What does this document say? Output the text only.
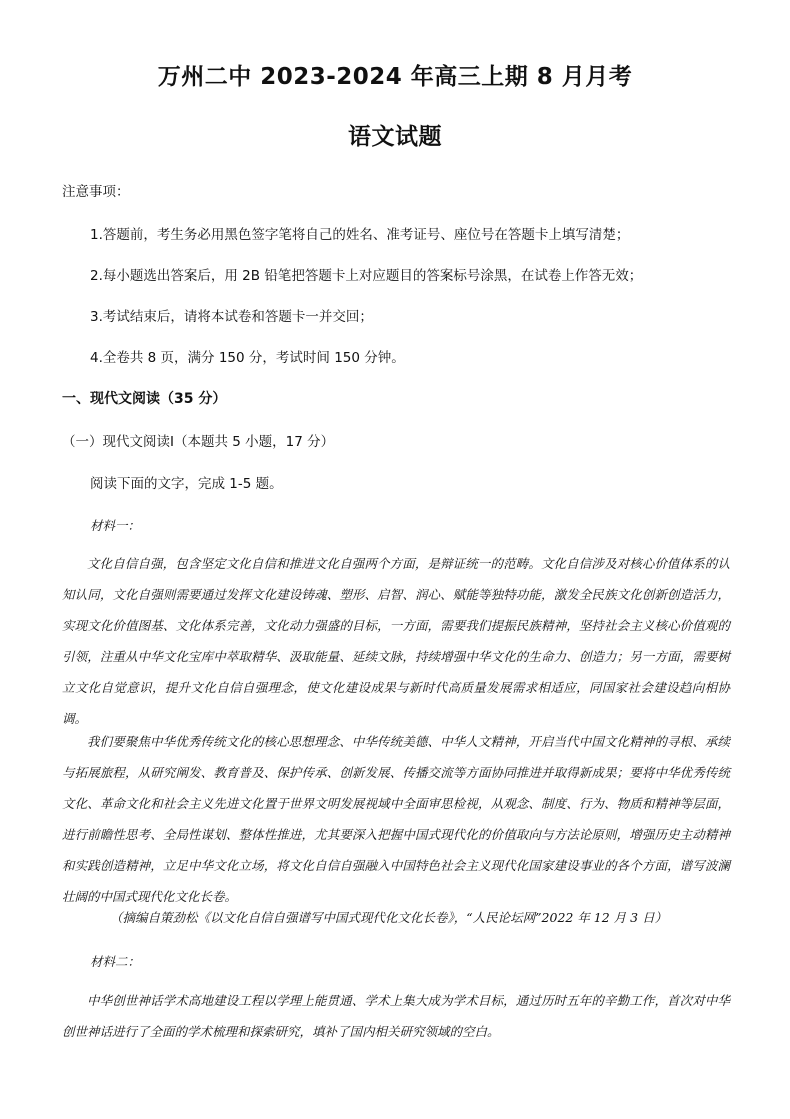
万州二中 2023-2024 年高三上期 8 月月考
语文试题
注意事项：
1.答题前，考生务必用黑色签字笔将自己的姓名、准考证号、座位号在答题卡上填写清楚；
2.每小题选出答案后，用 2B 铅笔把答题卡上对应题目的答案标号涂黑，在试卷上作答无效；
3.考试结束后，请将本试卷和答题卡一并交回；
4.全卷共 8 页，满分 150 分，考试时间 150 分钟。
一、现代文阅读（35 分）
（一）现代文阅读Ⅰ（本题共 5 小题，17 分）
阅读下面的文字，完成 1-5 题。
材料一：
文化自信自强，包含坚定文化自信和推进文化自强两个方面，是辩证统一的范畴。文化自信涉及对核心价值体系的认知认同，文化自强则需要通过发挥文化建设铸魂、塑形、启智、润心、赋能等独特功能，激发全民族文化创新创造活力，实现文化价值图基、文化体系完善，文化动力强盛的目标，一方面，需要我们提振民族精神，坚持社会主义核心价值观的引领，注重从中华文化宝库中萃取精华、汲取能量、延续文脉，持续增强中华文化的生命力、创造力；另一方面，需要树立文化自觉意识，提升文化自信自强理念，使文化建设成果与新时代高质量发展需求相适应，同国家社会建设趋向相协调。
我们要聚焦中华优秀传统文化的核心思想理念、中华传统美德、中华人文精神，开启当代中国文化精神的寻根、承续与拓展旅程，从研究阐发、教育普及、保护传承、创新发展、传播交流等方面协同推进并取得新成果；要将中华优秀传统文化、革命文化和社会主义先进文化置于世界文明发展视域中全面审思检视，从观念、制度、行为、物质和精神等层面，进行前瞻性思考、全局性谋划、整体性推进，尤其要深入把握中国式现代化的价值取向与方法论原则，增强历史主动精神和实践创造精神，立足中华文化立场，将文化自信自强融入中国特色社会主义现代化国家建设事业的各个方面，谱写波澜壮阔的中国式现代化文化长卷。
（摘编自策劲松《以文化自信自强谱写中国式现代化文化长卷》，“人民论坛网”2022 年 12 月 3 日）
材料二：
中华创世神话学术高地建设工程以学理上能贯通、学术上集大成为学术目标，通过历时五年的辛勤工作，首次对中华创世神话进行了全面的学术梳理和探索研究，填补了国内相关研究领域的空白。
